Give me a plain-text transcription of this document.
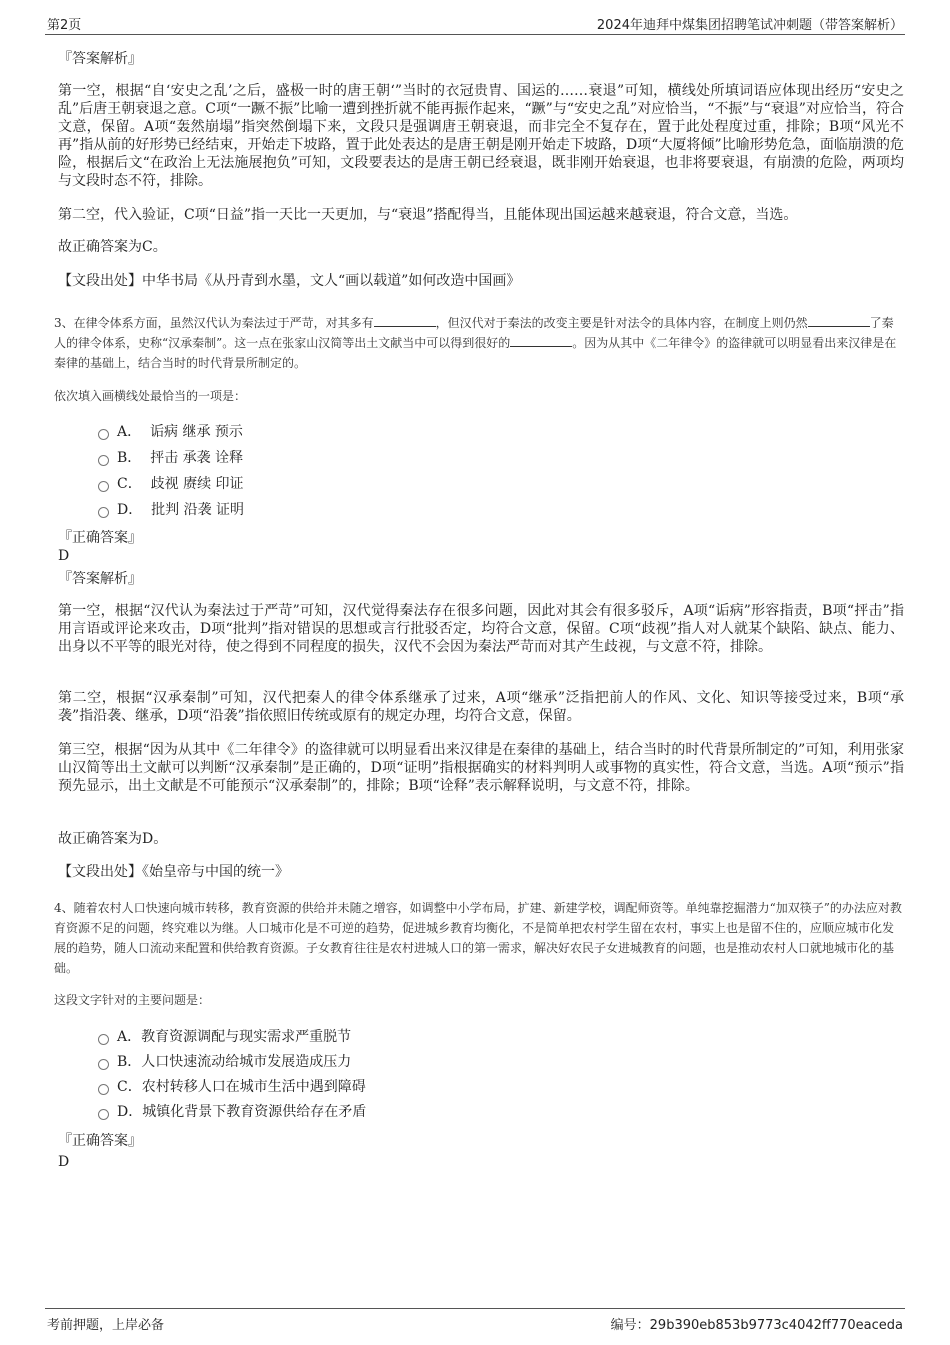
第2页	2024年迪拜中煤集团招聘笔试冲刺题（带答案解析）

『答案解析』

第一空，根据“自‘安史之乱’之后，盛极一时的唐王朝‘”当时的衣冠贵胄、国运的……衰退”可知，横线处所填词语应体现出经历“安史之乱”后唐王朝衰退之意。C项“一蹶不振”比喻一遭到挫折就不能再振作起来，“蹶”与“安史之乱”对应恰当，“不振”与“衰退”对应恰当，符合文意，保留。A项“轰然崩塌”指突然倒塌下来，文段只是强调唐王朝衰退，而非完全不复存在，置于此处程度过重，排除；B项“风光不再”指从前的好形势已经结束，开始走下坡路，置于此处表达的是唐王朝是刚开始走下坡路，D项“大厦将倾”比喻形势危急，面临崩溃的危险，根据后文“在政治上无法施展抱负”可知，文段要表达的是唐王朝已经衰退，既非刚开始衰退，也非将要衰退，有崩溃的危险，两项均与文段时态不符，排除。

第二空，代入验证，C项“日益”指一天比一天更加，与“衰退”搭配得当，且能体现出国运越来越衰退，符合文意，当选。

故正确答案为C。

【文段出处】中华书局《从丹青到水墨，文人“画以载道”如何改造中国画》

3、在律令体系方面，虽然汉代认为秦法过于严苛，对其多有	，但汉代对于秦法的改变主要是针对法令的具体内容，在制度上则仍然	了秦人的律令体系，史称“汉承秦制”。这一点在张家山汉简等出土文献当中可以得到很好的	。因为从其中《二年律令》的盗律就可以明显看出来汉律是在秦律的基础上，结合当时的时代背景所制定的。

依次填入画横线处最恰当的一项是：

A．
诟病 继承 预示
B．
抨击 承袭 诠释
C．
歧视 赓续 印证
D．
批判 沿袭 证明

『正确答案』

D

『答案解析』

第一空，根据“汉代认为秦法过于严苛”可知，汉代觉得秦法存在很多问题，因此对其会有很多驳斥，A项“诟病”形容指责，B项“抨击”指用言语或评论来攻击，D项“批判”指对错误的思想或言行批驳否定，均符合文意，保留。C项“歧视”指人对人就某个缺陷、缺点、能力、出身以不平等的眼光对待，使之得到不同程度的损失，汉代不会因为秦法严苛而对其产生歧视，与文意不符，排除。

第二空，根据“汉承秦制”可知，汉代把秦人的律令体系继承了过来，A项“继承”泛指把前人的作风、文化、知识等接受过来，B项“承袭”指沿袭、继承，D项“沿袭”指依照旧传统或原有的规定办理，均符合文意，保留。

第三空，根据“因为从其中《二年律令》的盗律就可以明显看出来汉律是在秦律的基础上，结合当时的时代背景所制定的”可知，利用张家山汉简等出土文献可以判断“汉承秦制”是正确的，D项“证明”指根据确实的材料判明人或事物的真实性，符合文意，当选。A项“预示”指预先显示，出土文献是不可能预示“汉承秦制”的，排除；B项“诠释”表示解释说明，与文意不符，排除。

故正确答案为D。

【文段出处】《始皇帝与中国的统一》

4、随着农村人口快速向城市转移，教育资源的供给并未随之增容，如调整中小学布局，扩建、新建学校，调配师资等。单纯靠挖掘潜力“加双筷子”的办法应对教育资源不足的问题，终究难以为继。人口城市化是不可逆的趋势，促进城乡教育均衡化，不是简单把农村学生留在农村，事实上也是留不住的，应顺应城市化发展的趋势，随人口流动来配置和供给教育资源。子女教育往往是农村进城人口的第一需求，解决好农民子女进城教育的问题，也是推动农村人口就地城市化的基础。

这段文字针对的主要问题是：

A． 教育资源调配与现实需求严重脱节
B． 人口快速流动给城市发展造成压力
C． 农村转移人口在城市生活中遇到障碍
D． 城镇化背景下教育资源供给存在矛盾

『正确答案』

D

考前押题，上岸必备	编号：29b390eb853b9773c4042ff770eaceda
